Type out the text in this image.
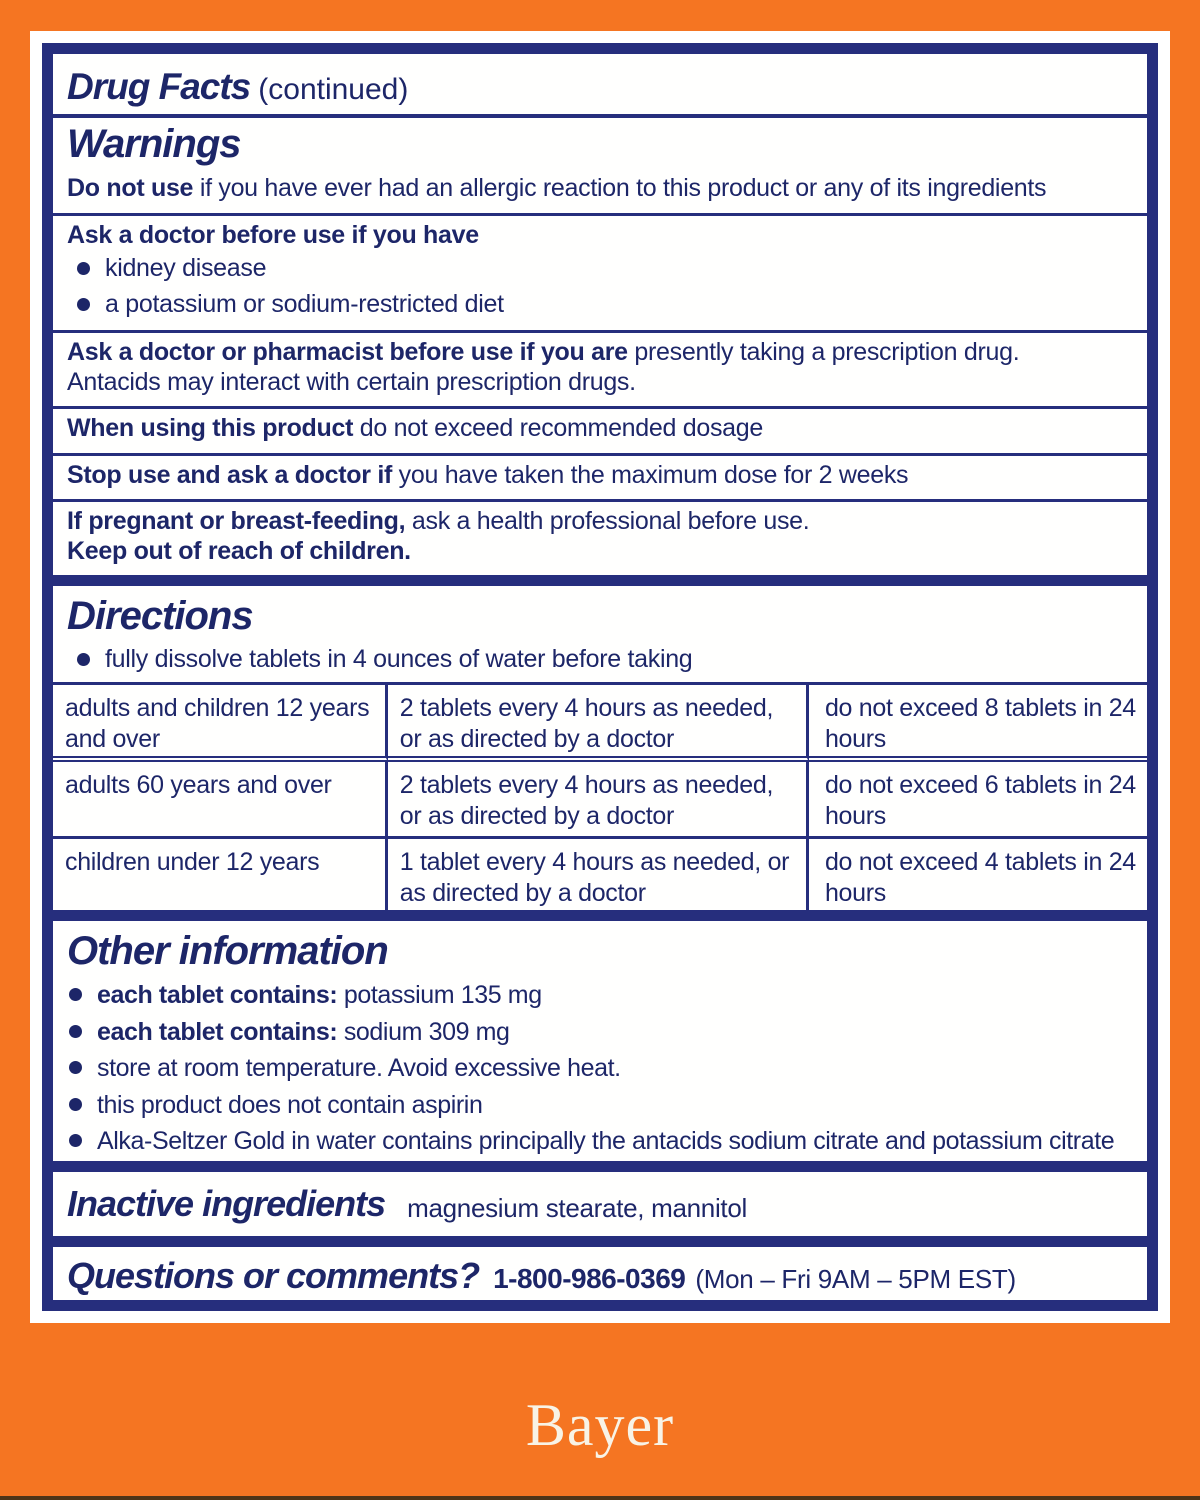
Drug Facts (continued)
Warnings
Do not use if you have ever had an allergic reaction to this product or any of its ingredients
Ask a doctor before use if you have
kidney disease
a potassium or sodium-restricted diet
Ask a doctor or pharmacist before use if you are presently taking a prescription drug.
Antacids may interact with certain prescription drugs.
When using this product do not exceed recommended dosage
Stop use and ask a doctor if you have taken the maximum dose for 2 weeks
If pregnant or breast-feeding, ask a health professional before use.
Keep out of reach of children.
Directions
fully dissolve tablets in 4 ounces of water before taking
adults and children 12 years and over
2 tablets every 4 hours as needed, or as directed by a doctor
do not exceed 8 tablets in 24 hours
adults 60 years and over	2 tablets every 4 hours as needed, or as directed by a doctor
do not exceed 6 tablets in 24 hours
children under 12 years	1 tablet every 4 hours as needed, or as directed by a doctor
do not exceed 4 tablets in 24 hours
Other information
each tablet contains: potassium 135 mg
each tablet contains: sodium 309 mg
store at room temperature. Avoid excessive heat.
this product does not contain aspirin
Alka-Seltzer Gold in water contains principally the antacids sodium citrate and potassium citrate
Inactive ingredients magnesium stearate, mannitol
Questions or comments? 1-800-986-0369 (Mon – Fri 9AM – 5PM EST)
Bayer
